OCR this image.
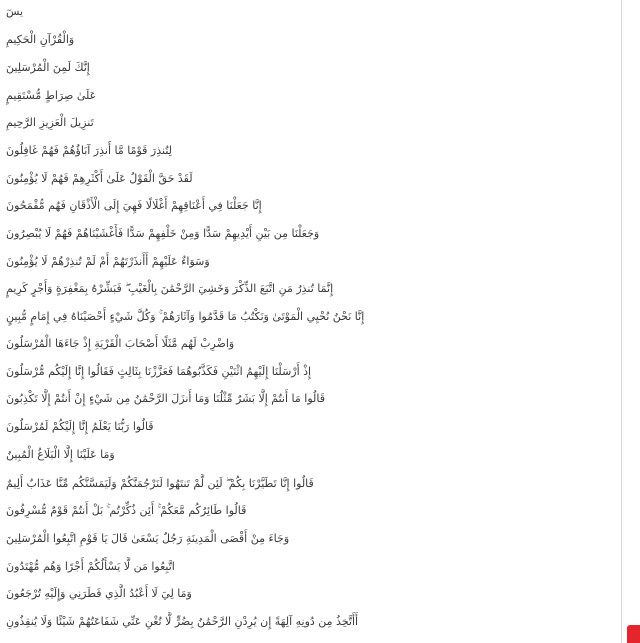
يسٓ
وَالْقُرْآنِ الْحَكِيمِ
إِنَّكَ لَمِنَ الْمُرْسَلِينَ
عَلَىٰ صِرَاطٍ مُّسْتَقِيمٍ
تَنزِيلَ الْعَزِيزِ الرَّحِيمِ
لِتُنذِرَ قَوْمًا مَّا أُنذِرَ آبَاؤُهُمْ فَهُمْ غَافِلُونَ
لَقَدْ حَقَّ الْقَوْلُ عَلَىٰ أَكْثَرِهِمْ فَهُمْ لَا يُؤْمِنُونَ
إِنَّا جَعَلْنَا فِي أَعْنَاقِهِمْ أَغْلَالًا فَهِيَ إِلَى الْأَذْقَانِ فَهُم مُّقْمَحُونَ
وَجَعَلْنَا مِن بَيْنِ أَيْدِيهِمْ سَدًّا وَمِنْ خَلْفِهِمْ سَدًّا فَأَغْشَيْنَاهُمْ فَهُمْ لَا يُبْصِرُونَ
وَسَوَاءٌ عَلَيْهِمْ أَأَنذَرْتَهُمْ أَمْ لَمْ تُنذِرْهُمْ لَا يُؤْمِنُونَ
إِنَّمَا تُنذِرُ مَنِ اتَّبَعَ الذِّكْرَ وَخَشِيَ الرَّحْمَٰنَ بِالْغَيْبِ ۖ فَبَشِّرْهُ بِمَغْفِرَةٍ وَأَجْرٍ كَرِيمٍ
إِنَّا نَحْنُ نُحْيِي الْمَوْتَىٰ وَنَكْتُبُ مَا قَدَّمُوا وَآثَارَهُمْ ۚ وَكُلَّ شَيْءٍ أَحْصَيْنَاهُ فِي إِمَامٍ مُّبِينٍ
وَاضْرِبْ لَهُم مَّثَلًا أَصْحَابَ الْقَرْيَةِ إِذْ جَاءَهَا الْمُرْسَلُونَ
إِذْ أَرْسَلْنَا إِلَيْهِمُ اثْنَيْنِ فَكَذَّبُوهُمَا فَعَزَّزْنَا بِثَالِثٍ فَقَالُوا إِنَّا إِلَيْكُم مُّرْسَلُونَ
قَالُوا مَا أَنتُمْ إِلَّا بَشَرٌ مِّثْلُنَا وَمَا أَنزَلَ الرَّحْمَٰنُ مِن شَيْءٍ إِنْ أَنتُمْ إِلَّا تَكْذِبُونَ
قَالُوا رَبُّنَا يَعْلَمُ إِنَّا إِلَيْكُمْ لَمُرْسَلُونَ
وَمَا عَلَيْنَا إِلَّا الْبَلَاغُ الْمُبِينُ
قَالُوا إِنَّا تَطَيَّرْنَا بِكُمْ ۖ لَئِن لَّمْ تَنتَهُوا لَنَرْجُمَنَّكُمْ وَلَيَمَسَّنَّكُم مِّنَّا عَذَابٌ أَلِيمٌ
قَالُوا طَائِرُكُم مَّعَكُمْ ۚ أَئِن ذُكِّرْتُم ۚ بَلْ أَنتُمْ قَوْمٌ مُّسْرِفُونَ
وَجَاءَ مِنْ أَقْصَى الْمَدِينَةِ رَجُلٌ يَسْعَىٰ قَالَ يَا قَوْمِ اتَّبِعُوا الْمُرْسَلِينَ
اتَّبِعُوا مَن لَّا يَسْأَلُكُمْ أَجْرًا وَهُم مُّهْتَدُونَ
وَمَا لِيَ لَا أَعْبُدُ الَّذِي فَطَرَنِي وَإِلَيْهِ تُرْجَعُونَ
أَأَتَّخِذُ مِن دُونِهِ آلِهَةً إِن يُرِدْنِ الرَّحْمَٰنُ بِضُرٍّ لَّا تُغْنِ عَنِّي شَفَاعَتُهُمْ شَيْئًا وَلَا يُنقِذُونِ
